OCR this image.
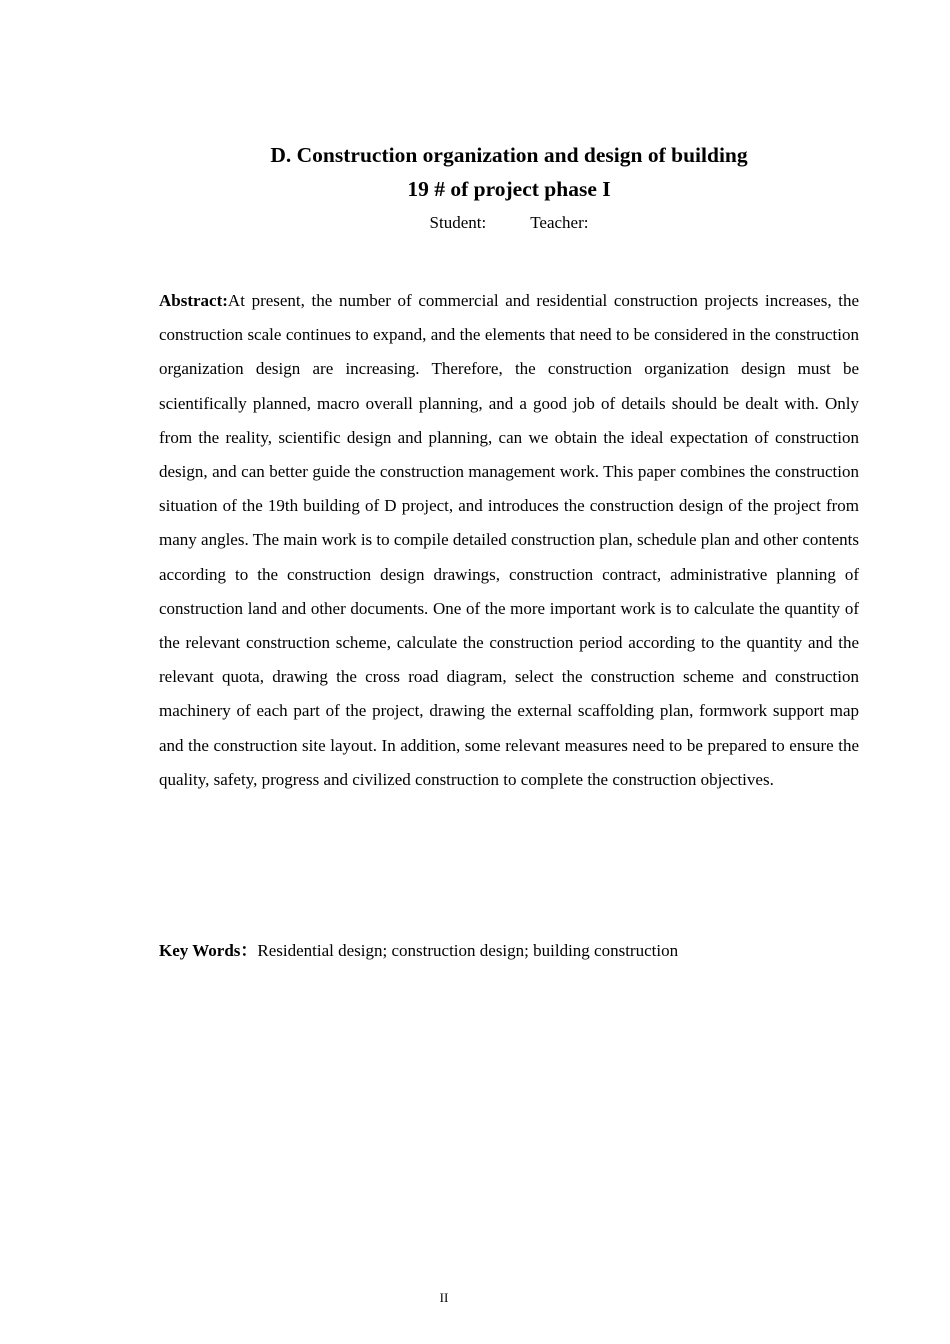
D. Construction organization and design of building

19 # of project phase I

Student:	Teacher:

Abstract:At present, the number of commercial and residential construction projects increases, the construction scale continues to expand, and the elements that need to be considered in the construction organization design are increasing. Therefore, the construction organization design must be scientifically planned, macro overall planning, and a good job of details should be dealt with. Only from the reality, scientific design and planning, can we obtain the ideal expectation of construction design, and can better guide the construction management work. This paper combines the construction situation of the 19th building of D project, and introduces the construction design of the project from many angles. The main work is to compile detailed construction plan, schedule plan and other contents according to the construction design drawings, construction contract, administrative planning of construction land and other documents. One of the more important work is to calculate the quantity of the relevant construction scheme, calculate the construction period according to the quantity and the relevant quota, drawing the cross road diagram, select the construction scheme and construction machinery of each part of the project, drawing the external scaffolding plan, formwork support map and the construction site layout. In addition, some relevant measures need to be prepared to ensure the quality, safety, progress and civilized construction to complete the construction objectives.

Key Words：Residential design; construction design; building construction

II
